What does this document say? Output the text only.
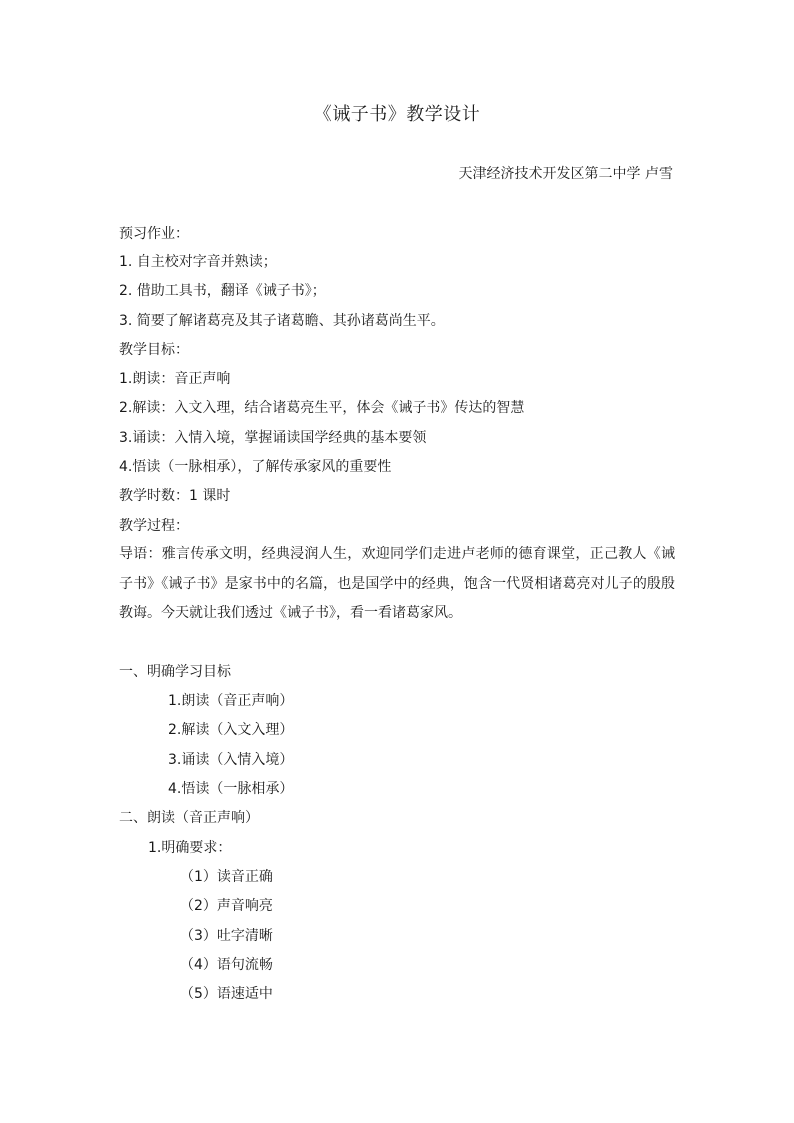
《诫子书》教学设计
天津经济技术开发区第二中学 卢雪
预习作业：
1. 自主校对字音并熟读；
2. 借助工具书，翻译《诫子书》；
3. 简要了解诸葛亮及其子诸葛瞻、其孙诸葛尚生平。
教学目标：
1.朗读：音正声响
2.解读：入文入理，结合诸葛亮生平，体会《诫子书》传达的智慧
3.诵读：入情入境，掌握诵读国学经典的基本要领
4.悟读（一脉相承），了解传承家风的重要性
教学时数：1 课时
教学过程：
导语：雅言传承文明，经典浸润人生，欢迎同学们走进卢老师的德育课堂，正己教人《诫子书》《诫子书》是家书中的名篇，也是国学中的经典，饱含一代贤相诸葛亮对儿子的殷殷教诲。今天就让我们透过《诫子书》，看一看诸葛家风。
一、明确学习目标
1.朗读（音正声响）
2.解读（入文入理）
3.诵读（入情入境）
4.悟读（一脉相承）
二、朗读（音正声响）
1.明确要求：
（1）读音正确
（2）声音响亮
（3）吐字清晰
（4）语句流畅
（5）语速适中
